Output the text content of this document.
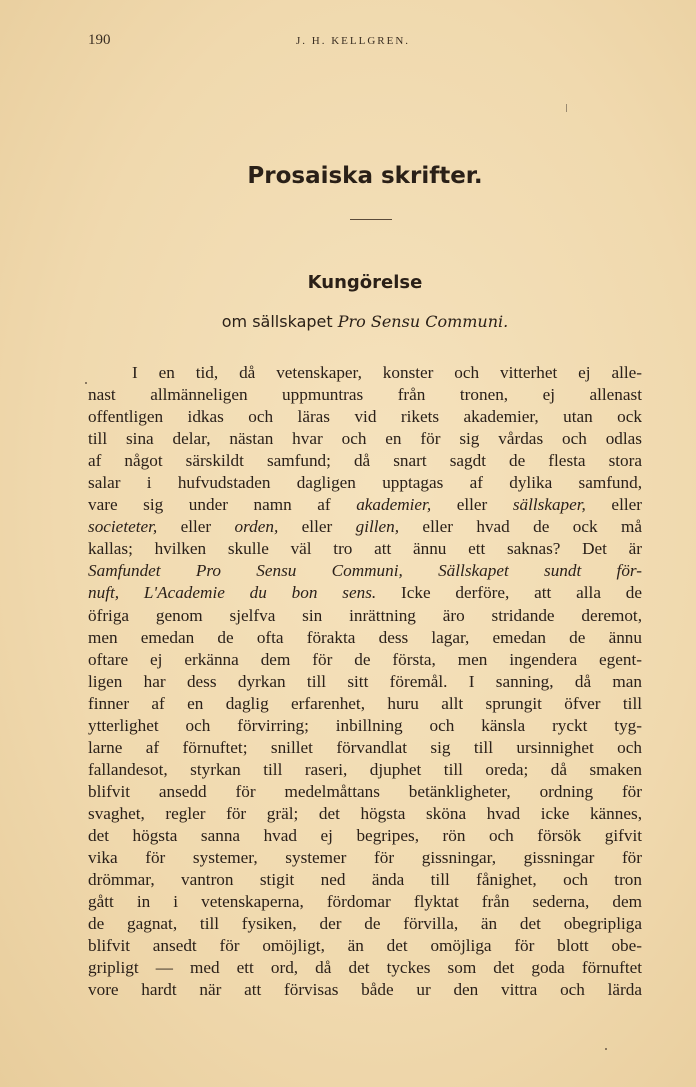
190	J. H. KELLGREN.
Prosaiska skrifter.
Kungörelse
om sällskapet Pro Sensu Communi.
I en tid, då vetenskaper, konster och vitterhet ej alle-
nast allmänneligen uppmuntras från tronen, ej allenast
offentligen idkas och läras vid rikets akademier, utan ock
till sina delar, nästan hvar och en för sig vårdas och odlas
af något särskildt samfund; då snart sagdt de flesta stora
salar i hufvudstaden dagligen upptagas af dylika samfund,
vare sig under namn af akademier, eller sällskaper, eller
societeter, eller orden, eller gillen, eller hvad de ock må
kallas; hvilken skulle väl tro att ännu ett saknas? Det är
Samfundet Pro Sensu Communi, Sällskapet sundt för-
nuft, L'Academie du bon sens. Icke derföre, att alla de
öfriga genom sjelfva sin inrättning äro stridande deremot,
men emedan de ofta förakta dess lagar, emedan de ännu
oftare ej erkänna dem för de första, men ingendera egent-
ligen har dess dyrkan till sitt föremål. I sanning, då man
finner af en daglig erfarenhet, huru allt sprungit öfver till
ytterlighet och förvirring; inbillning och känsla ryckt tyg-
larne af förnuftet; snillet förvandlat sig till ursinnighet och
fallandesot, styrkan till raseri, djuphet till oreda; då smaken
blifvit ansedd för medelmåttans betänkligheter, ordning för
svaghet, regler för gräl; det högsta sköna hvad icke kännes,
det högsta sanna hvad ej begripes, rön och försök gifvit
vika för systemer, systemer för gissningar, gissningar för
drömmar, vantron stigit ned ända till fånighet, och tron
gått in i vetenskaperna, fördomar flyktat från sederna, dem
de gagnat, till fysiken, der de förvilla, än det obegripliga
blifvit ansedt för omöjligt, än det omöjliga för blott obe-
gripligt — med ett ord, då det tyckes som det goda förnuftet
vore hardt när att förvisas både ur den vittra och lärda
